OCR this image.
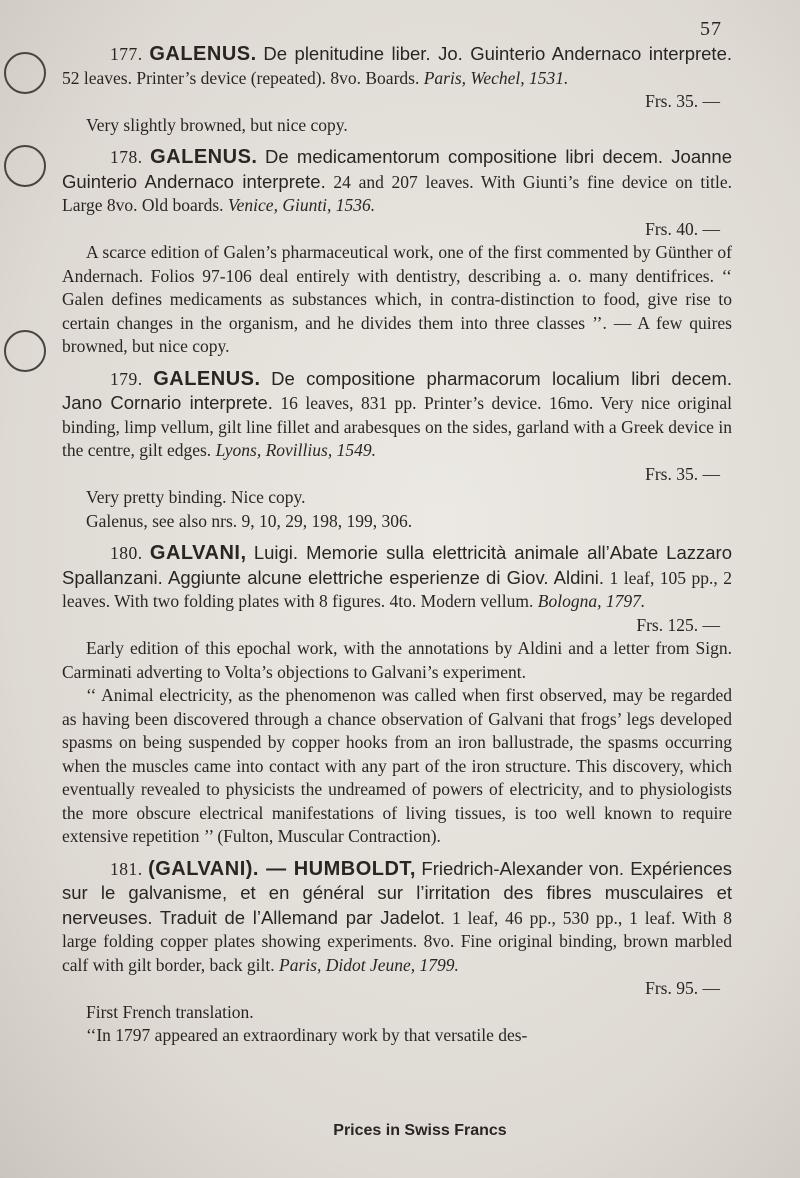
57
177. GALENUS. De plenitudine liber. Jo. Guinterio Andernaco interprete. 52 leaves. Printer’s device (repeated). 8vo. Boards. Paris, Wechel, 1531.
Frs. 35. —
Very slightly browned, but nice copy.
178. GALENUS. De medicamentorum compositione libri decem. Joanne Guinterio Andernaco interprete. 24 and 207 leaves. With Giunti’s fine device on title. Large 8vo. Old boards. Venice, Giunti, 1536.
Frs. 40. —
A scarce edition of Galen’s pharmaceutical work, one of the first commented by Günther of Andernach. Folios 97-106 deal entirely with dentistry, describing a. o. many dentifrices. ‘‘ Galen defines medicaments as substances which, in contra-distinction to food, give rise to certain changes in the organism, and he divides them into three classes ’’. — A few quires browned, but nice copy.
179. GALENUS. De compositione pharmacorum localium libri decem. Jano Cornario interprete. 16 leaves, 831 pp. Printer’s device. 16mo. Very nice original binding, limp vellum, gilt line fillet and arabesques on the sides, garland with a Greek device in the centre, gilt edges. Lyons, Rovillius, 1549.
Frs. 35. —
Very pretty binding. Nice copy.
Galenus, see also nrs. 9, 10, 29, 198, 199, 306.
180. GALVANI, Luigi. Memorie sulla elettricità animale all’Abate Lazzaro Spallanzani. Aggiunte alcune elettriche esperienze di Giov. Aldini. 1 leaf, 105 pp., 2 leaves. With two folding plates with 8 figures. 4to. Modern vellum. Bologna, 1797.
Frs. 125. —
Early edition of this epochal work, with the annotations by Aldini and a letter from Sign. Carminati adverting to Volta’s objections to Galvani’s experiment.
‘‘ Animal electricity, as the phenomenon was called when first observed, may be regarded as having been discovered through a chance observation of Galvani that frogs’ legs developed spasms on being suspended by copper hooks from an iron ballustrade, the spasms occurring when the muscles came into contact with any part of the iron structure. This discovery, which eventually revealed to physicists the undreamed of powers of electricity, and to physiologists the more obscure electrical manifestations of living tissues, is too well known to require extensive repetition ’’ (Fulton, Muscular Contraction).
181. (GALVANI). — HUMBOLDT, Friedrich-Alexander von. Expériences sur le galvanisme, et en général sur l’irritation des fibres musculaires et nerveuses. Traduit de l’Allemand par Jadelot. 1 leaf, 46 pp., 530 pp., 1 leaf. With 8 large folding copper plates showing experiments. 8vo. Fine original binding, brown marbled calf with gilt border, back gilt. Paris, Didot Jeune, 1799.
Frs. 95. —
First French translation.
‘‘In 1797 appeared an extraordinary work by that versatile des-
Prices in Swiss Francs
